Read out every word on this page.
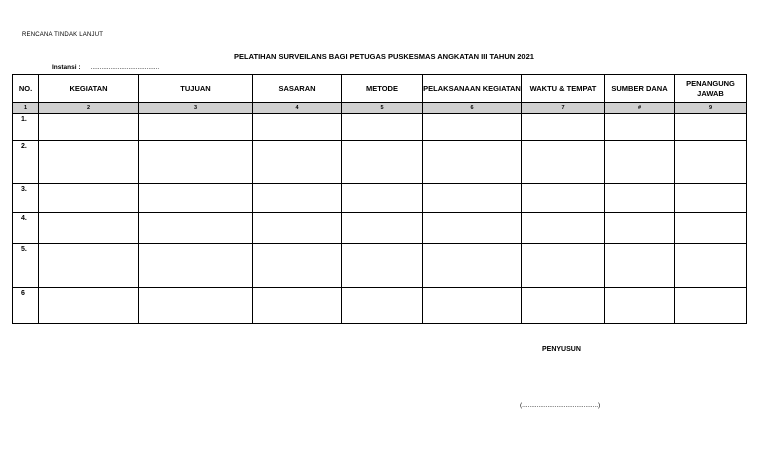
RENCANA TINDAK LANJUT
PELATIHAN SURVEILANS BAGI PETUGAS PUSKESMAS ANGKATAN III TAHUN 2021
Instansi : ......................................
NO.	KEGIATAN	TUJUAN	SASARAN	METODE	PELAKSANAAN KEGIATAN	WAKTU & TEMPAT	SUMBER DANA	PENANGUNG JAWAB
1	2	3	4	5	6	7	#	9
1.								
2.								
3.								
4.								
5.								
6								
PENYUSUN
(..........................................)
